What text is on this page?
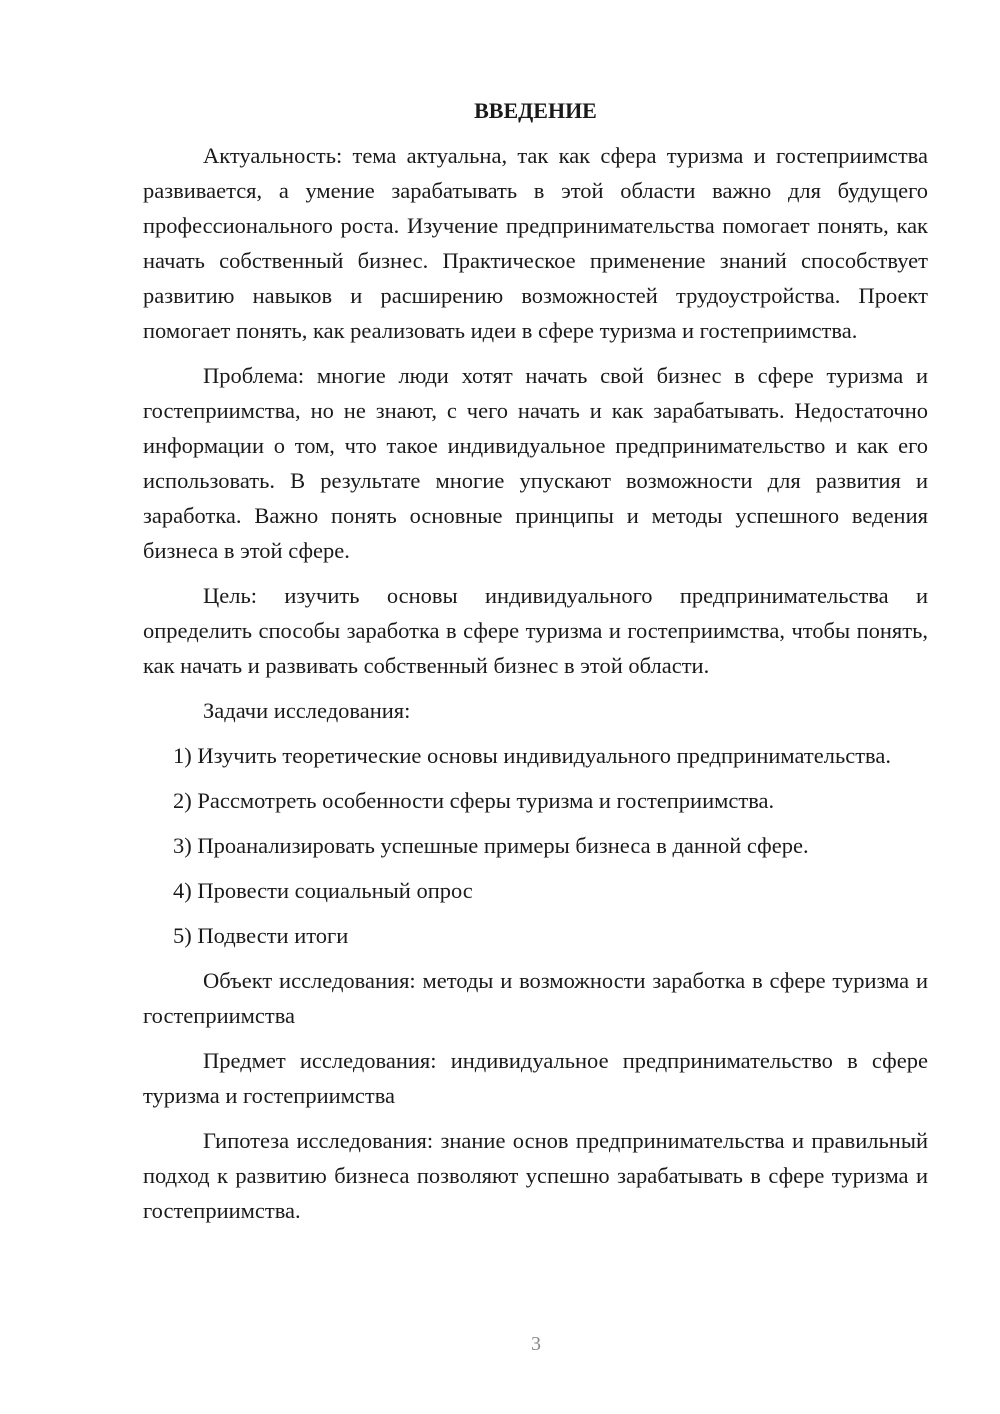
ВВЕДЕНИЕ

Актуальность: тема актуальна, так как сфера туризма и гостеприимства развивается, а умение зарабатывать в этой области важно для будущего профессионального роста. Изучение предпринимательства помогает понять, как начать собственный бизнес. Практическое применение знаний способствует развитию навыков и расширению возможностей трудоустройства. Проект помогает понять, как реализовать идеи в сфере туризма и гостеприимства.

Проблема: многие люди хотят начать свой бизнес в сфере туризма и гостеприимства, но не знают, с чего начать и как зарабатывать. Недостаточно информации о том, что такое индивидуальное предпринимательство и как его использовать. В результате многие упускают возможности для развития и заработка. Важно понять основные принципы и методы успешного ведения бизнеса в этой сфере.

Цель: изучить основы индивидуального предпринимательства и определить способы заработка в сфере туризма и гостеприимства, чтобы понять, как начать и развивать собственный бизнес в этой области.

Задачи исследования:

1) Изучить теоретические основы индивидуального предпринимательства.

2) Рассмотреть особенности сферы туризма и гостеприимства.

3) Проанализировать успешные примеры бизнеса в данной сфере.

4) Провести социальный опрос

5) Подвести итоги

Объект исследования: методы и возможности заработка в сфере туризма и гостеприимства

Предмет исследования: индивидуальное предпринимательство в сфере туризма и гостеприимства

Гипотеза исследования: знание основ предпринимательства и правильный подход к развитию бизнеса позволяют успешно зарабатывать в сфере туризма и гостеприимства.

3
